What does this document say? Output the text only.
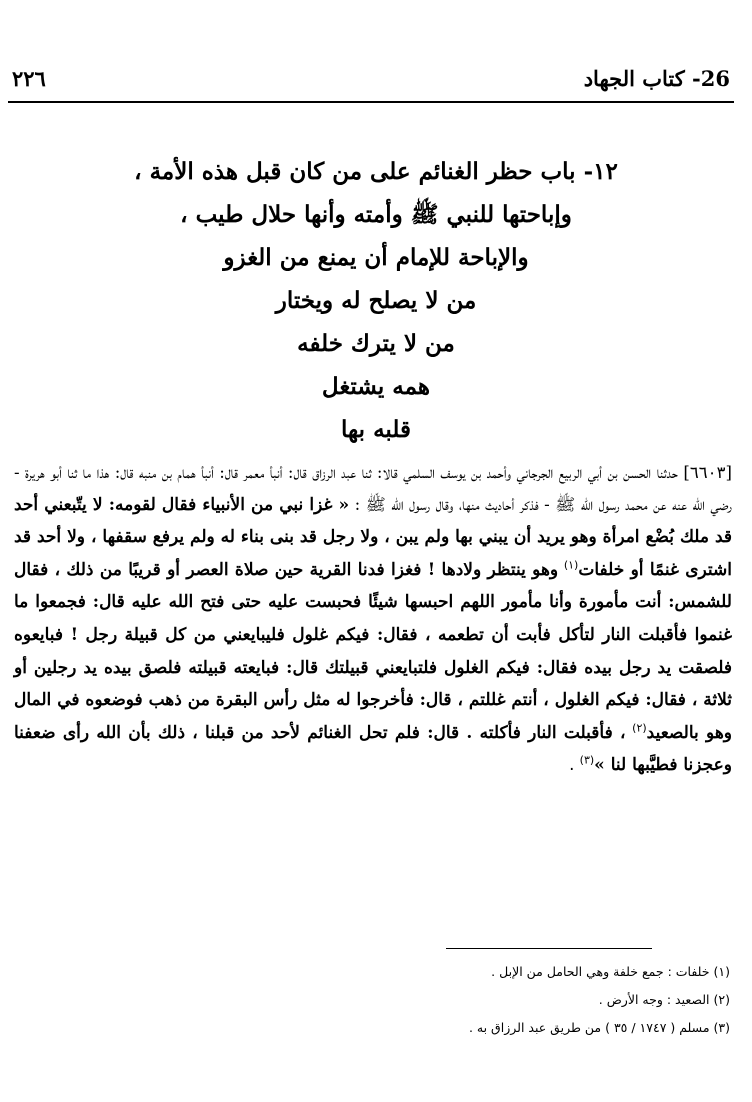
٢٢٦	26- كتاب الجهاد
١٢- باب حظر الغنائم على من كان قبل هذه الأمة ،
وإباحتها للنبي ﷺ وأمته وأنها حلال طيب ،
والإباحة للإمام أن يمنع من الغزو
من لا يصلح له ويختار
من لا يترك خلفه
همه يشتغل
قلبه بها

[٦٦٠٣] حدثنا الحسن بن أبي الربيع الجرجاني وأحمد بن يوسف السلمي قالا: ثنا عبد الرزاق قال: أنبأ معمر قال: أنبأ همام بن منبه قال: هذا ما ثنا أبو هريرة - رضي الله عنه عن محمد رسول الله ﷺ - فذكر أحاديث منها، وقال رسول الله ﷺ : « غزا نبي من الأنبياء فقال لقومه: لا يتّبعني أحد قد ملك بُضْع امرأة وهو يريد أن يبني بها ولم يبن ، ولا رجل قد بنى بناء له ولم يرفع سقفها ، ولا أحد قد اشترى غنمًا أو خلفات$^{(١)}$ وهو ينتظر ولادها ! فغزا فدنا القرية حين صلاة العصر أو قريبًا من ذلك ، فقال للشمس: أنت مأمورة وأنا مأمور اللهم احبسها شيئًا فحبست عليه حتى فتح الله عليه قال: فجمعوا ما غنموا فأقبلت النار لتأكل فأبت أن تطعمه ، فقال: فيكم غلول فليبايعني من كل قبيلة رجل ! فبايعوه فلصقت يد رجل بيده فقال: فيكم الغلول فلتبايعني قبيلتك قال: فبايعته قبيلته فلصق بيده يد رجلين أو ثلاثة ، فقال: فيكم الغلول ، أنتم غللتم ، قال: فأخرجوا له مثل رأس البقرة من ذهب فوضعوه في المال وهو بالصعيد$^{(٢)}$ ، فأقبلت النار فأكلته . قال: فلم تحل الغنائم لأحد من قبلنا ، ذلك بأن الله رأى ضعفنا وعجزنا فطيَّبها لنا »$^{(٣)}$ .

(١) خلفات : جمع خلفة وهي الحامل من الإبل .
(٢) الصعيد : وجه الأرض .
(٣) مسلم ( ١٧٤٧ / ٣٥ ) من طريق عبد الرزاق به .
